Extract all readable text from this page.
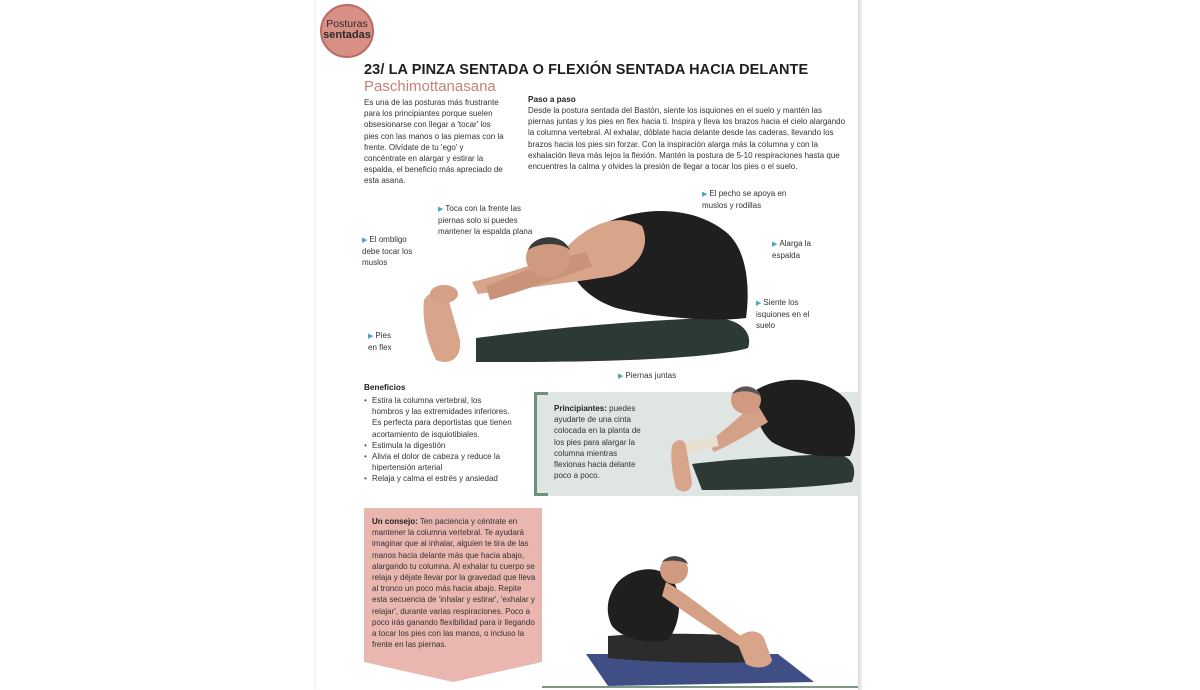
Posturas
sentadas
23/ LA PINZA SENTADA O FLEXIÓN SENTADA HACIA DELANTE
Paschimottanasana
Es una de las posturas más frustrante para los principiantes porque suelen obsesionarse con llegar a 'tocar' los pies con las manos o las piernas con la frente. Olvídate de tu 'ego' y concéntrate en alargar y estirar la espalda, el beneficio más apreciado de esta asana.
Paso a paso
Desde la postura sentada del Bastón, siente los isquiones en el suelo y mantén las piernas juntas y los pies en flex hacia ti. Inspira y lleva los brazos hacia el cielo alargando la columna vertebral. Al exhalar, dóblate hacia delante desde las caderas, llevando los brazos hacia los pies sin forzar. Con la inspiración alarga más la columna y con la exhalación lleva más lejos la flexión. Mantén la postura de 5-10 respiraciones hasta que encuentres la calma y olvides la presión de llegar a tocar los pies o el suelo.
▶ Toca con la frente las piernas solo si puedes mantener la espalda plana
▶ El pecho se apoya en muslos y rodillas
▶ El ombligo debe tocar los muslos
▶ Alarga la espalda
▶ Siente los isquiones en el suelo
▶ Pies en flex
▶ Piernas juntas
Beneficios
• Estira la columna vertebral, los hombros y las extremidades inferiores. Es perfecta para deportistas que tienen acortamiento de isquiotibiales.
• Estimula la digestión
• Alivia el dolor de cabeza y reduce la hipertensión arterial
• Relaja y calma el estrés y ansiedad
Principiantes: puedes ayudarte de una cinta colocada en la planta de los pies para alargar la columna mientras flexionas hacia delante poco a poco.
Un consejo: Ten paciencia y céntrate en mantener la columna vertebral. Te ayudará imaginar que al inhalar, alguien te tira de las manos hacia delante más que hacia abajo, alargando tu columna. Al exhalar tu cuerpo se relaja y déjate llevar por la gravedad que lleva al tronco un poco más hacia abajo. Repite esta secuencia de 'inhalar y estirar', 'exhalar y relajar', durante varias respiraciones. Poco a poco irás ganando flexibilidad para ir llegando a tocar los pies con las manos, o incluso la frente en las piernas.
